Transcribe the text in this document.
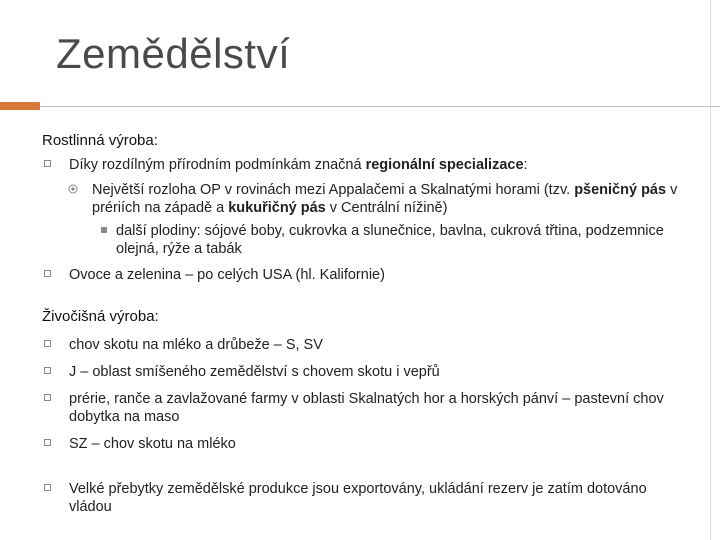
Zemědělství
Rostlinná výroba:
Díky rozdílným přírodním podmínkám značná regionální specializace:
Největší rozloha OP v rovinách mezi Appalačemi a Skalnatými horami (tzv. pšeničný pás v prériích na západě a kukuřičný pás v Centrální nížině)
další plodiny: sójové boby, cukrovka a slunečnice, bavlna, cukrová třtina, podzemnice olejná, rýže a tabák
Ovoce a zelenina – po celých USA (hl. Kalifornie)
Živočišná výroba:
chov skotu na mléko a drůbeže – S, SV
J – oblast smíšeného zemědělství s chovem skotu i vepřů
prérie, ranče a zavlažované farmy v oblasti Skalnatých hor a horských pánví – pastevní chov dobytka na maso
SZ – chov skotu na mléko
Velké přebytky zemědělské produkce jsou exportovány, ukládání rezerv je zatím dotováno vládou
